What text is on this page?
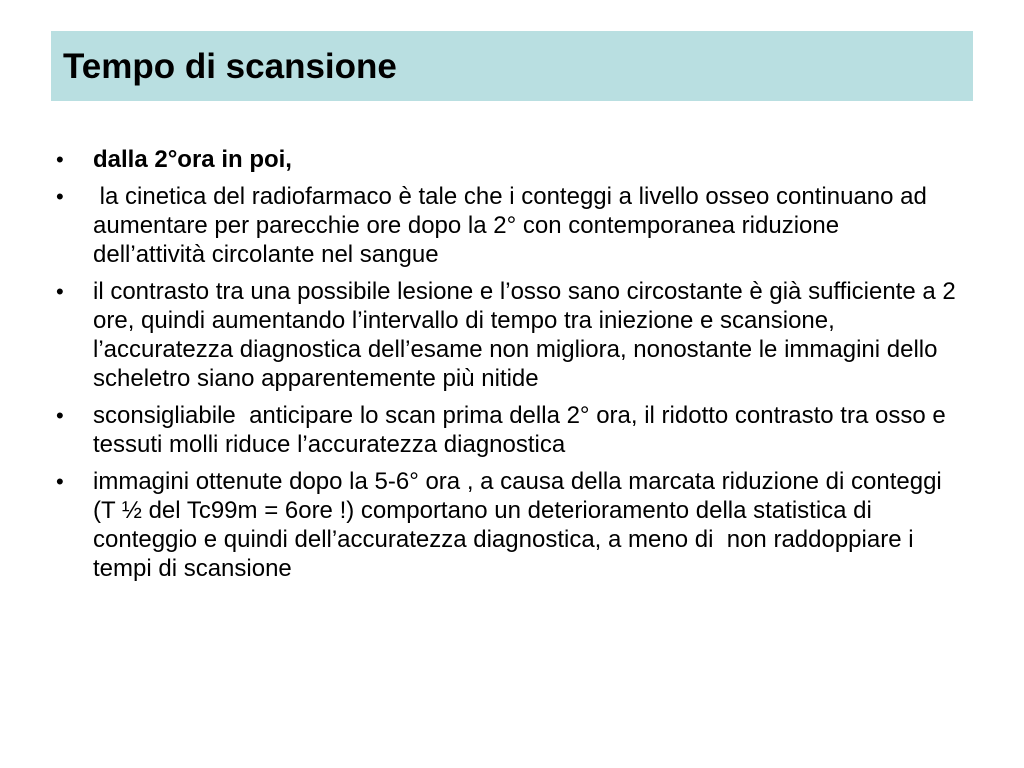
Tempo di scansione
•	dalla 2°ora in poi,
•	la cinetica del radiofarmaco è tale che i conteggi a livello osseo continuano ad aumentare per parecchie ore dopo la 2° con contemporanea riduzione dell’attività circolante nel sangue
•	il contrasto tra una possibile lesione e l’osso sano circostante è già sufficiente a 2 ore, quindi aumentando l’intervallo di tempo tra iniezione e scansione, l’accuratezza diagnostica dell’esame non migliora, nonostante le immagini dello scheletro siano apparentemente più nitide
•	sconsigliabile  anticipare lo scan prima della 2° ora, il ridotto contrasto tra osso e tessuti molli riduce l’accuratezza diagnostica
•	immagini ottenute dopo la 5-6° ora , a causa della marcata riduzione di conteggi (T ½ del Tc99m = 6ore !) comportano un deterioramento della statistica di conteggio e quindi dell’accuratezza diagnostica, a meno di  non raddoppiare i tempi di scansione
